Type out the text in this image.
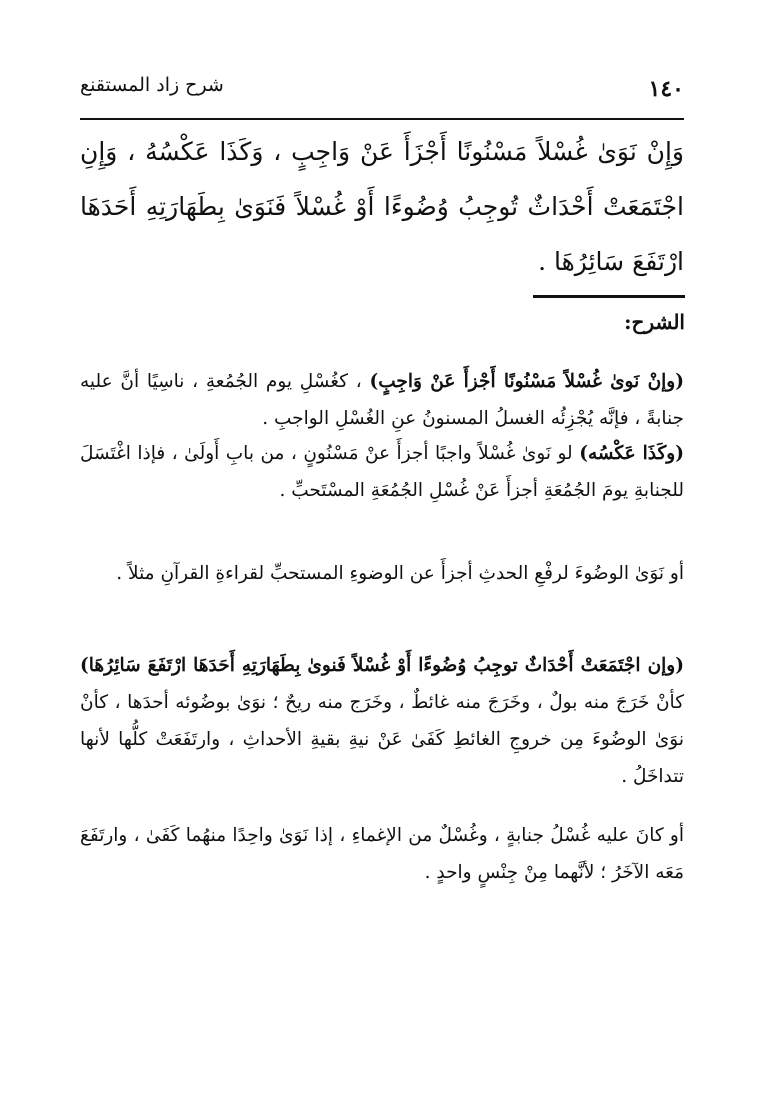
شرح زاد المستقنع	١٤٠
وَإِنْ نَوَىٰ غُسْلاً مَسْنُونًا أَجْزَأَ عَنْ وَاجِبٍ ، وَكَذَا عَكْسُهُ ، وَإِنِ اجْتَمَعَتْ أَحْدَاثٌ تُوجِبُ وُضُوءًا أَوْ غُسْلاً فَنَوَىٰ بِطَهَارَتِهِ أَحَدَهَا ارْتَفَعَ سَائِرُهَا .
الشرح:
(وإنْ نَوىٰ غُسْلاً مَسْنُونًا أَجْزأَ عَنْ وَاجِبٍ) ، كغُسْلِ يوم الجُمُعةِ ، ناسِيًا أنَّ عليه جنابةً ، فإنَّه يُجْزِئُه الغسلُ المسنونُ عنِ الغُسْلِ الواجبِ .
(وكَذَا عَكْسُه) لو نَوىٰ غُسْلاً واجبًا أجزأَ عنْ مَسْنُونٍ ، من بابِ أَولَىٰ ، فإذا اغْتَسَلَ للجنابةِ يومَ الجُمُعَةِ أجزأَ عَنْ غُسْلِ الجُمُعَةِ المسْتَحبِّ .
أو نَوَىٰ الوضُوءَ لرفْعِ الحدثِ أجزأَ عن الوضوءِ المستحبِّ لقراءةِ القرآنِ مثلاً .
(وإن اجْتَمَعَتْ أَحْدَاثٌ توجِبُ وُضُوءًا أَوْ غُسْلاً فَنوىٰ بِطَهَارَتِهِ أَحَدَهَا ارْتَفَعَ سَائِرُهَا) كأنْ خَرَجَ منه بولٌ ، وخَرَجَ منه غائطٌ ، وخَرَج منه ريحٌ ؛ نوَىٰ بوضُوئه أحدَها ، كأنْ نوَىٰ الوضُوءَ مِن خروجِ الغائطِ كَفَىٰ عَنْ نيةِ بقيةِ الأحداثِ ، وارتَفَعَتْ كلُّها لأنها تتداخَلُ .
أو كانَ عليه غُسْلُ جنابةٍ ، وغُسْلٌ من الإغماءِ ، إذا نَوَىٰ واحِدًا منهُما كَفَىٰ ، وارتَفَعَ مَعَه الآخَرُ ؛ لأنَّهما مِنْ جِنْسٍ واحدٍ .
